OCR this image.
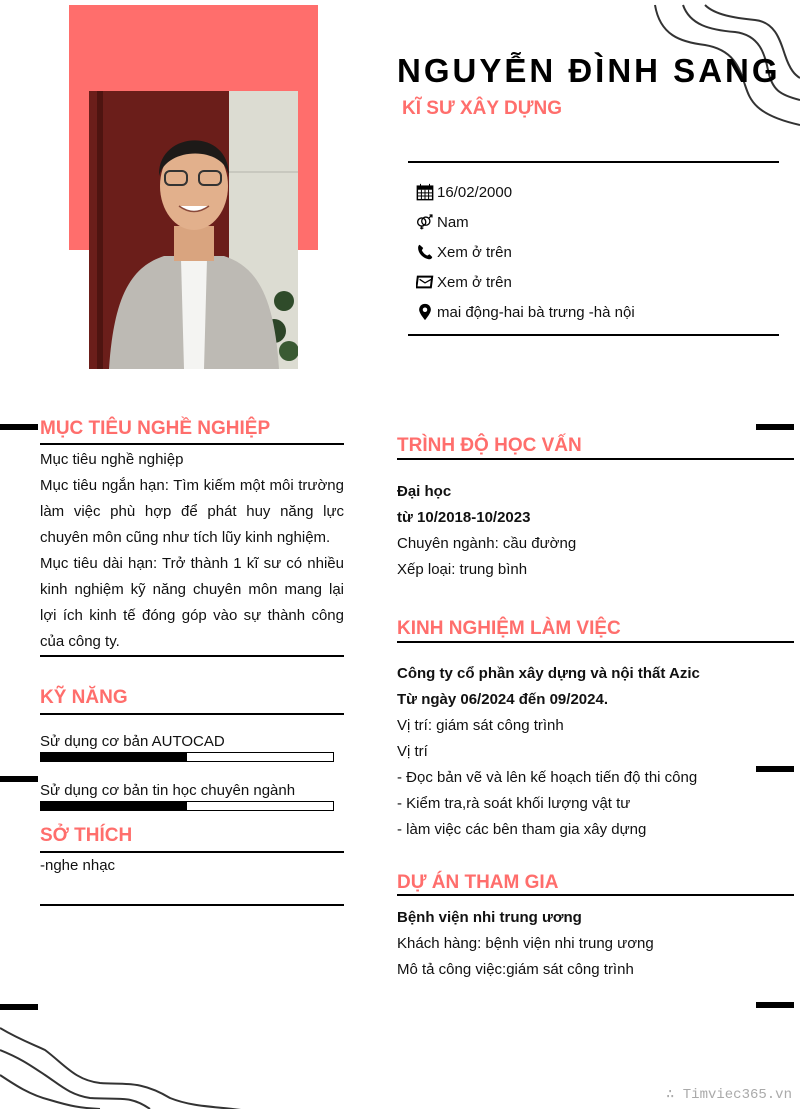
NGUYỄN ĐÌNH SANG
KĨ SƯ XÂY DỰNG
16/02/2000
Nam
Xem ở trên
Xem ở trên
mai động-hai bà trưng -hà nội
MỤC TIÊU NGHỀ NGHIỆP
Mục tiêu nghề nghiệp
Mục tiêu ngắn hạn: Tìm kiếm một môi trường làm việc phù hợp để phát huy năng lực chuyên môn cũng như tích lũy kinh nghiệm.
Mục tiêu dài hạn: Trở thành 1 kĩ sư có nhiều kinh nghiệm kỹ năng chuyên môn mang lại lợi ích kinh tế đóng góp vào sự thành công của công ty.
KỸ NĂNG
Sử dụng cơ bản AUTOCAD
Sử dụng cơ bản tin học chuyên ngành
SỞ THÍCH
-nghe nhạc
TRÌNH ĐỘ HỌC VẤN
Đại học
từ 10/2018-10/2023
Chuyên ngành: cầu đường
Xếp loại: trung bình
KINH NGHIỆM LÀM VIỆC
Công ty cổ phần xây dựng và nội thất Azic
Từ ngày 06/2024 đến 09/2024.
Vị trí: giám sát công trình
Vị trí
- Đọc bản vẽ và lên kế hoạch tiến độ thi công
- Kiểm tra,rà soát khối lượng vật tư
- làm việc các bên tham gia xây dựng
DỰ ÁN THAM GIA
Bệnh viện nhi trung ương
Khách hàng: bệnh viện nhi trung ương
Mô tả công việc:giám sát công trình
∴ Timviec365.vn
